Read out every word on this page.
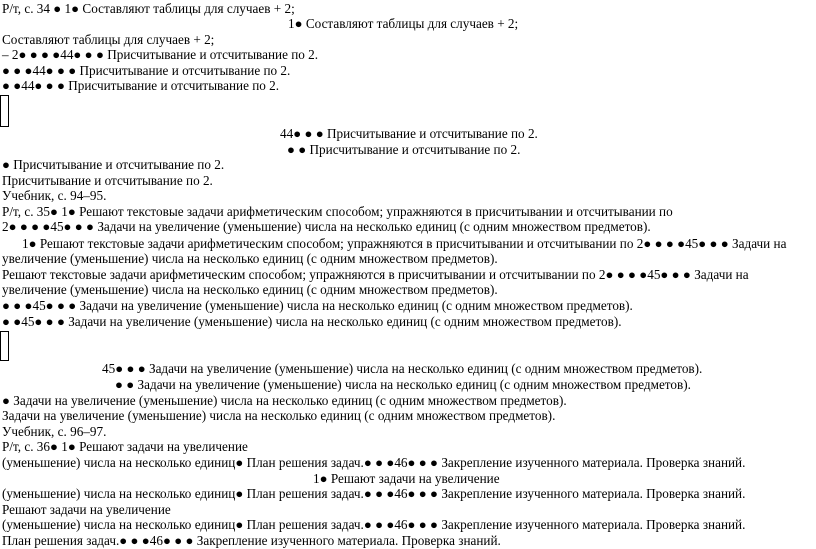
Р/т, с. 34 ● 1● Составляют таблицы для случаев + 2;
1● Составляют таблицы для случаев + 2;
Составляют таблицы для случаев + 2;
– 2● ● ● ●44● ● ● Присчитывание и отсчитывание по 2.
● ● ●44● ● ● Присчитывание и отсчитывание по 2.
● ●44● ● ● Присчитывание и отсчитывание по 2.
44● ● ● Присчитывание и отсчитывание по 2.
● ● Присчитывание и отсчитывание по 2.
● Присчитывание и отсчитывание по 2.
Присчитывание и отсчитывание по 2.
Учебник, с. 94–95.
Р/т, с. 35● 1● Решают текстовые задачи арифметическим способом; упражняются в присчитывании и отсчитывании по
2● ● ● ●45● ● ● Задачи на увеличение (уменьшение) числа на несколько единиц (с одним множеством предметов).
1● Решают текстовые задачи арифметическим способом; упражняются в присчитывании и отсчитывании по 2● ● ● ●45● ● ● Задачи на
увеличение (уменьшение) числа на несколько единиц (с одним множеством предметов).
Решают текстовые задачи арифметическим способом; упражняются в присчитывании и отсчитывании по 2● ● ● ●45● ● ● Задачи на
увеличение (уменьшение) числа на несколько единиц (с одним множеством предметов).
● ● ●45● ● ● Задачи на увеличение (уменьшение) числа на несколько единиц (с одним множеством предметов).
● ●45● ● ● Задачи на увеличение (уменьшение) числа на несколько единиц (с одним множеством предметов).
45● ● ● Задачи на увеличение (уменьшение) числа на несколько единиц (с одним множеством предметов).
● ● Задачи на увеличение (уменьшение) числа на несколько единиц (с одним множеством предметов).
● Задачи на увеличение (уменьшение) числа на несколько единиц (с одним множеством предметов).
Задачи на увеличение (уменьшение) числа на несколько единиц (с одним множеством предметов).
Учебник, с. 96–97.
Р/т, с. 36● 1● Решают задачи на увеличение
(уменьшение) числа на несколько единиц● План решения задач.● ● ●46● ● ● Закрепление изученного материала. Проверка знаний.
1● Решают задачи на увеличение
(уменьшение) числа на несколько единиц● План решения задач.● ● ●46● ● ● Закрепление изученного материала. Проверка знаний.
Решают задачи на увеличение
(уменьшение) числа на несколько единиц● План решения задач.● ● ●46● ● ● Закрепление изученного материала. Проверка знаний.
План решения задач.● ● ●46● ● ● Закрепление изученного материала. Проверка знаний.
